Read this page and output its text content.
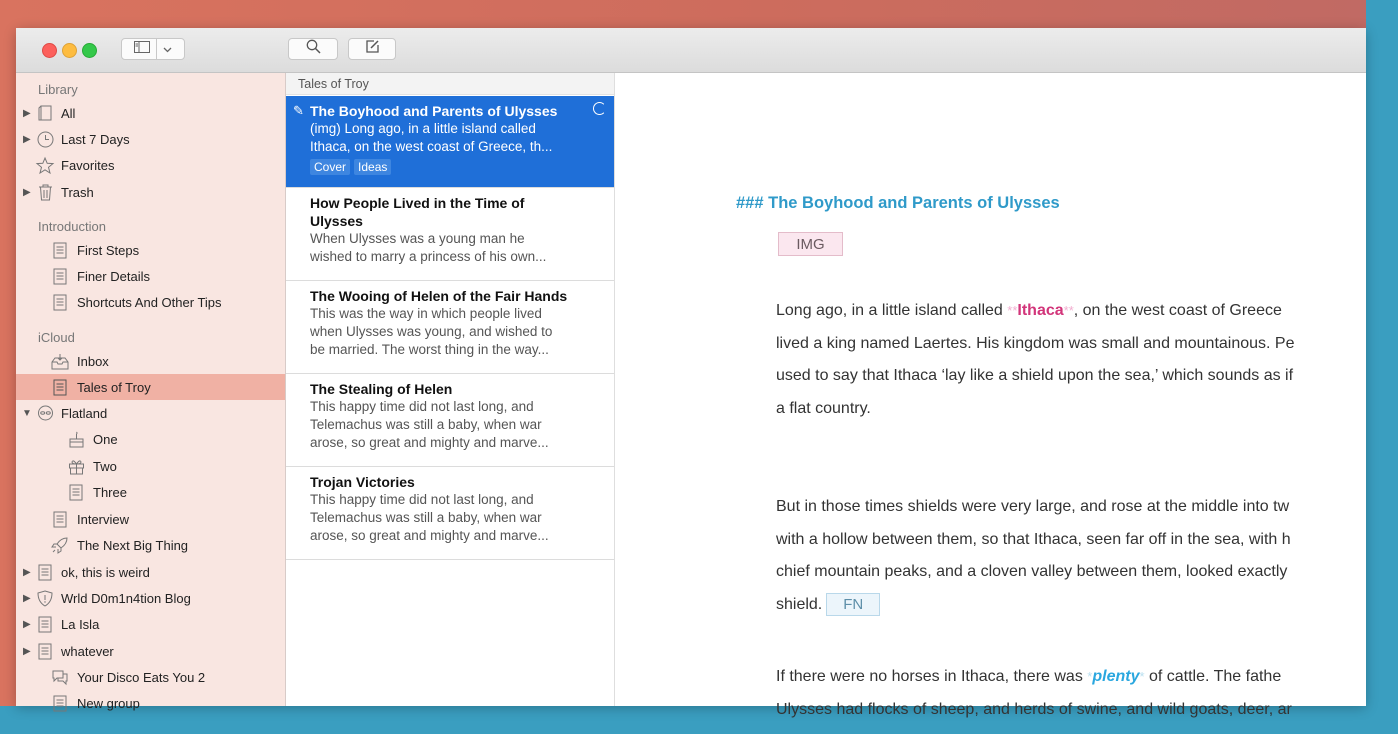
Library
▶ All
▶ Last 7 Days
Favorites
▶ Trash
Introduction
First Steps
Finer Details
Shortcuts And Other Tips
iCloud
Inbox
Tales of Troy
▼ Flatland
One
Two
Three
Interview
The Next Big Thing
▶ ok, this is weird
▶ Wrld D0m1n4tion Blog
▶ La Isla
▶ whatever
Your Disco Eats You 2
New group
Tales of Troy
✎ The Boyhood and Parents of Ulysses
(img) Long ago, in a little island called
Ithaca, on the west coast of Greece, th...
Cover	Ideas
How People Lived in the Time of
Ulysses
When Ulysses was a young man he
wished to marry a princess of his own...
The Wooing of Helen of the Fair Hands
This was the way in which people lived
when Ulysses was young, and wished to
be married. The worst thing in the way...
The Stealing of Helen
This happy time did not last long, and
Telemachus was still a baby, when war
arose, so great and mighty and marve...
Trojan Victories
This happy time did not last long, and
Telemachus was still a baby, when war
arose, so great and mighty and marve...
### The Boyhood and Parents of Ulysses
IMG
Long ago, in a little island called **Ithaca**, on the west coast of Greece
lived a king named Laertes. His kingdom was small and mountainous. Pe
used to say that Ithaca ‘lay like a shield upon the sea,’ which sounds as if
a flat country.
But in those times shields were very large, and rose at the middle into tw
with a hollow between them, so that Ithaca, seen far off in the sea, with h
chief mountain peaks, and a cloven valley between them, looked exactly
shield. FN
If there were no horses in Ithaca, there was *plenty* of cattle. The fathe
Ulysses had flocks of sheep, and herds of swine, and wild goats, deer, ar
